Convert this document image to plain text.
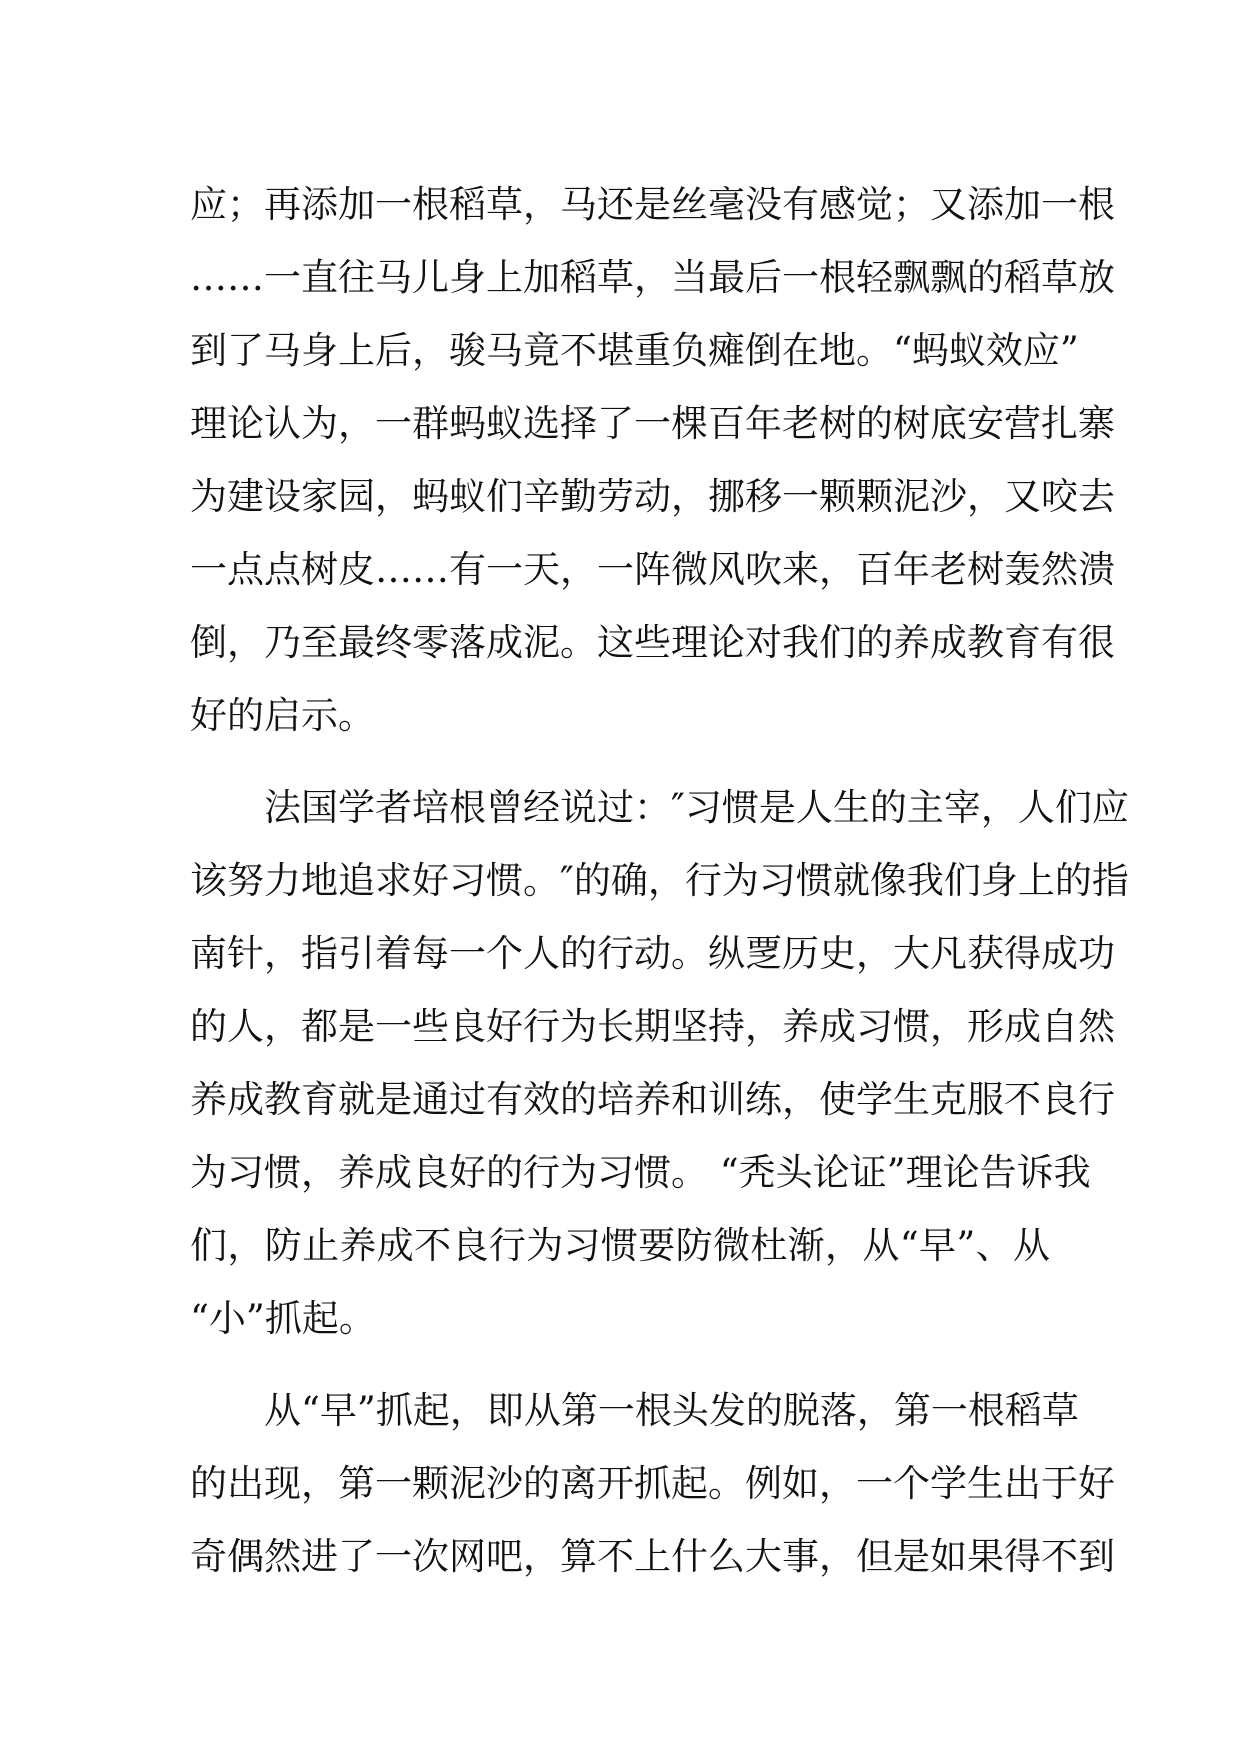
应；再添加一根稻草，马还是丝毫没有感觉；又添加一根
……一直往马儿身上加稻草，当最后一根轻飘飘的稻草放
到了马身上后，骏马竟不堪重负瘫倒在地。“蚂蚁效应”
理论认为，一群蚂蚁选择了一棵百年老树的树底安营扎寨
为建设家园，蚂蚁们辛勤劳动，挪移一颗颗泥沙，又咬去
一点点树皮……有一天，一阵微风吹来，百年老树轰然溃
倒，乃至最终零落成泥。这些理论对我们的养成教育有很
好的启示。
　　法国学者培根曾经说过：″习惯是人生的主宰，人们应
该努力地追求好习惯。″的确，行为习惯就像我们身上的指
南针，指引着每一个人的行动。纵覂历史，大凡获得成功
的人，都是一些良好行为长期坚持，养成习惯，形成自然
养成教育就是通过有效的培养和训练，使学生克服不良行
为习惯，养成良好的行为习惯。 “秃头论证”理论告诉我
们，防止养成不良行为习惯要防微杜渐，从“早”、从
“小”抓起。
　　从“早”抓起，即从第一根头发的脱落，第一根稻草
的出现，第一颗泥沙的离开抓起。例如，一个学生出于好
奇偶然进了一次网吧，算不上什么大事，但是如果得不到
